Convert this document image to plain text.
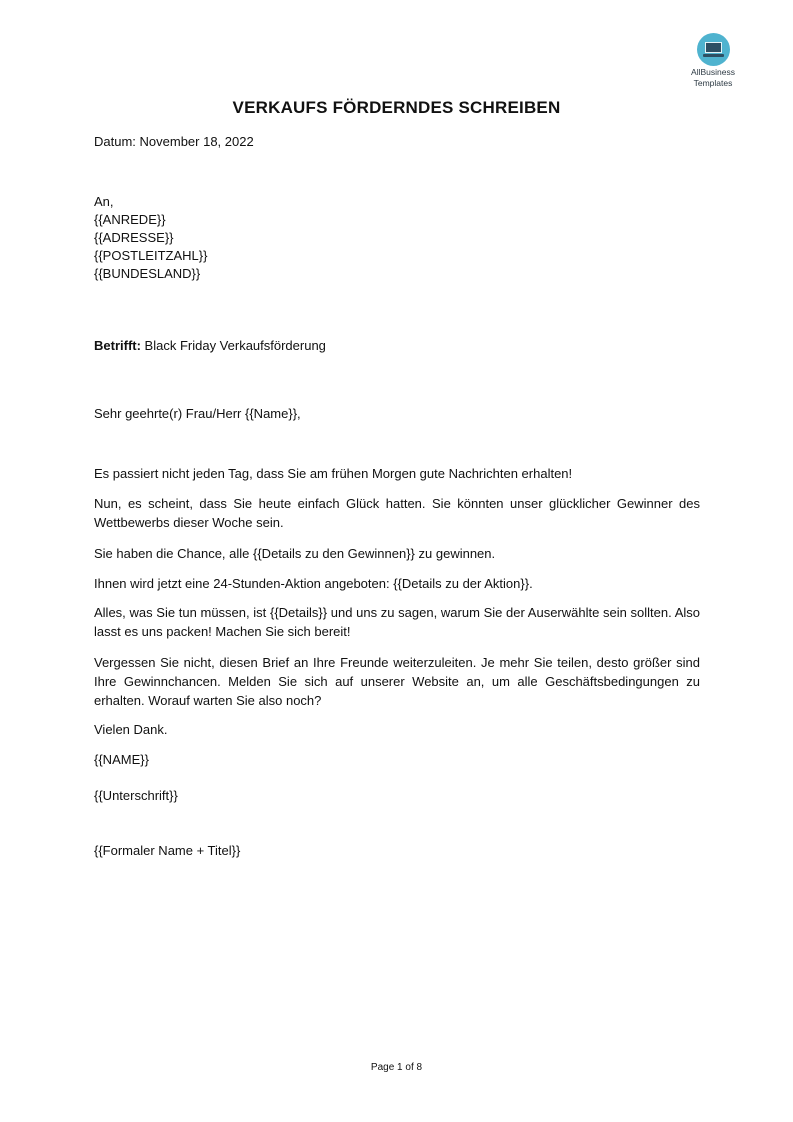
AllBusiness
Templates
VERKAUFS FÖRDERNDES SCHREIBEN
Datum: November 18, 2022
An,
{{ANREDE}}
{{ADRESSE}}
{{POSTLEITZAHL}}
{{BUNDESLAND}}
Betrifft: Black Friday Verkaufsförderung
Sehr geehrte(r) Frau/Herr {{Name}},
Es passiert nicht jeden Tag, dass Sie am frühen Morgen gute Nachrichten erhalten!
Nun, es scheint, dass Sie heute einfach Glück hatten. Sie könnten unser glücklicher Gewinner des Wettbewerbs dieser Woche sein.
Sie haben die Chance, alle {{Details zu den Gewinnen}} zu gewinnen.
Ihnen wird jetzt eine 24-Stunden-Aktion angeboten: {{Details zu der Aktion}}.
Alles, was Sie tun müssen, ist {{Details}} und uns zu sagen, warum Sie der Auserwählte sein sollten. Also lasst es uns packen! Machen Sie sich bereit!
Vergessen Sie nicht, diesen Brief an Ihre Freunde weiterzuleiten. Je mehr Sie teilen, desto größer sind Ihre Gewinnchancen. Melden Sie sich auf unserer Website an, um alle Geschäftsbedingungen zu erhalten. Worauf warten Sie also noch?
Vielen Dank.
{{NAME}}
{{Unterschrift}}
{{Formaler Name + Titel}}
Page 1 of 8
